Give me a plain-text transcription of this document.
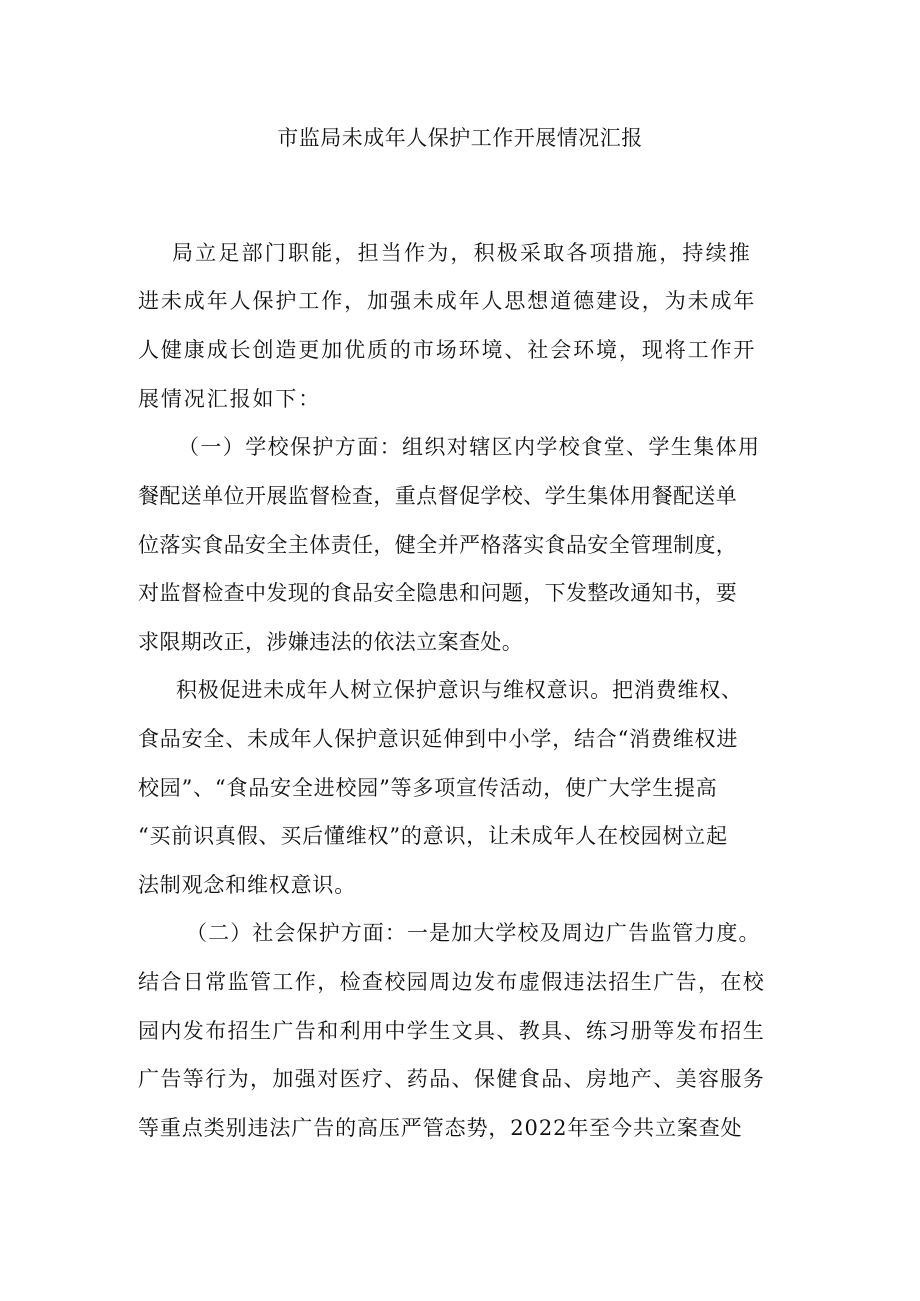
市监局未成年人保护工作开展情况汇报

局立足部门职能，担当作为，积极采取各项措施，持续推

进未成年人保护工作，加强未成年人思想道德建设，为未成年

人健康成长创造更加优质的市场环境、社会环境，现将工作开

展情况汇报如下：

（一）学校保护方面：组织对辖区内学校食堂、学生集体用

餐配送单位开展监督检查，重点督促学校、学生集体用餐配送单

位落实食品安全主体责任，健全并严格落实食品安全管理制度，

对监督检查中发现的食品安全隐患和问题，下发整改通知书，要

求限期改正，涉嫌违法的依法立案查处。

积极促进未成年人树立保护意识与维权意识。把消费维权、

食品安全、未成年人保护意识延伸到中小学，结合“消费维权进

校园”、“食品安全进校园”等多项宣传活动，使广大学生提高

“买前识真假、买后懂维权”的意识，让未成年人在校园树立起

法制观念和维权意识。

（二）社会保护方面：一是加大学校及周边广告监管力度。

结合日常监管工作，检查校园周边发布虚假违法招生广告，在校

园内发布招生广告和利用中学生文具、教具、练习册等发布招生

广告等行为，加强对医疗、药品、保健食品、房地产、美容服务

等重点类别违法广告的高压严管态势，2022年至今共立案查处
